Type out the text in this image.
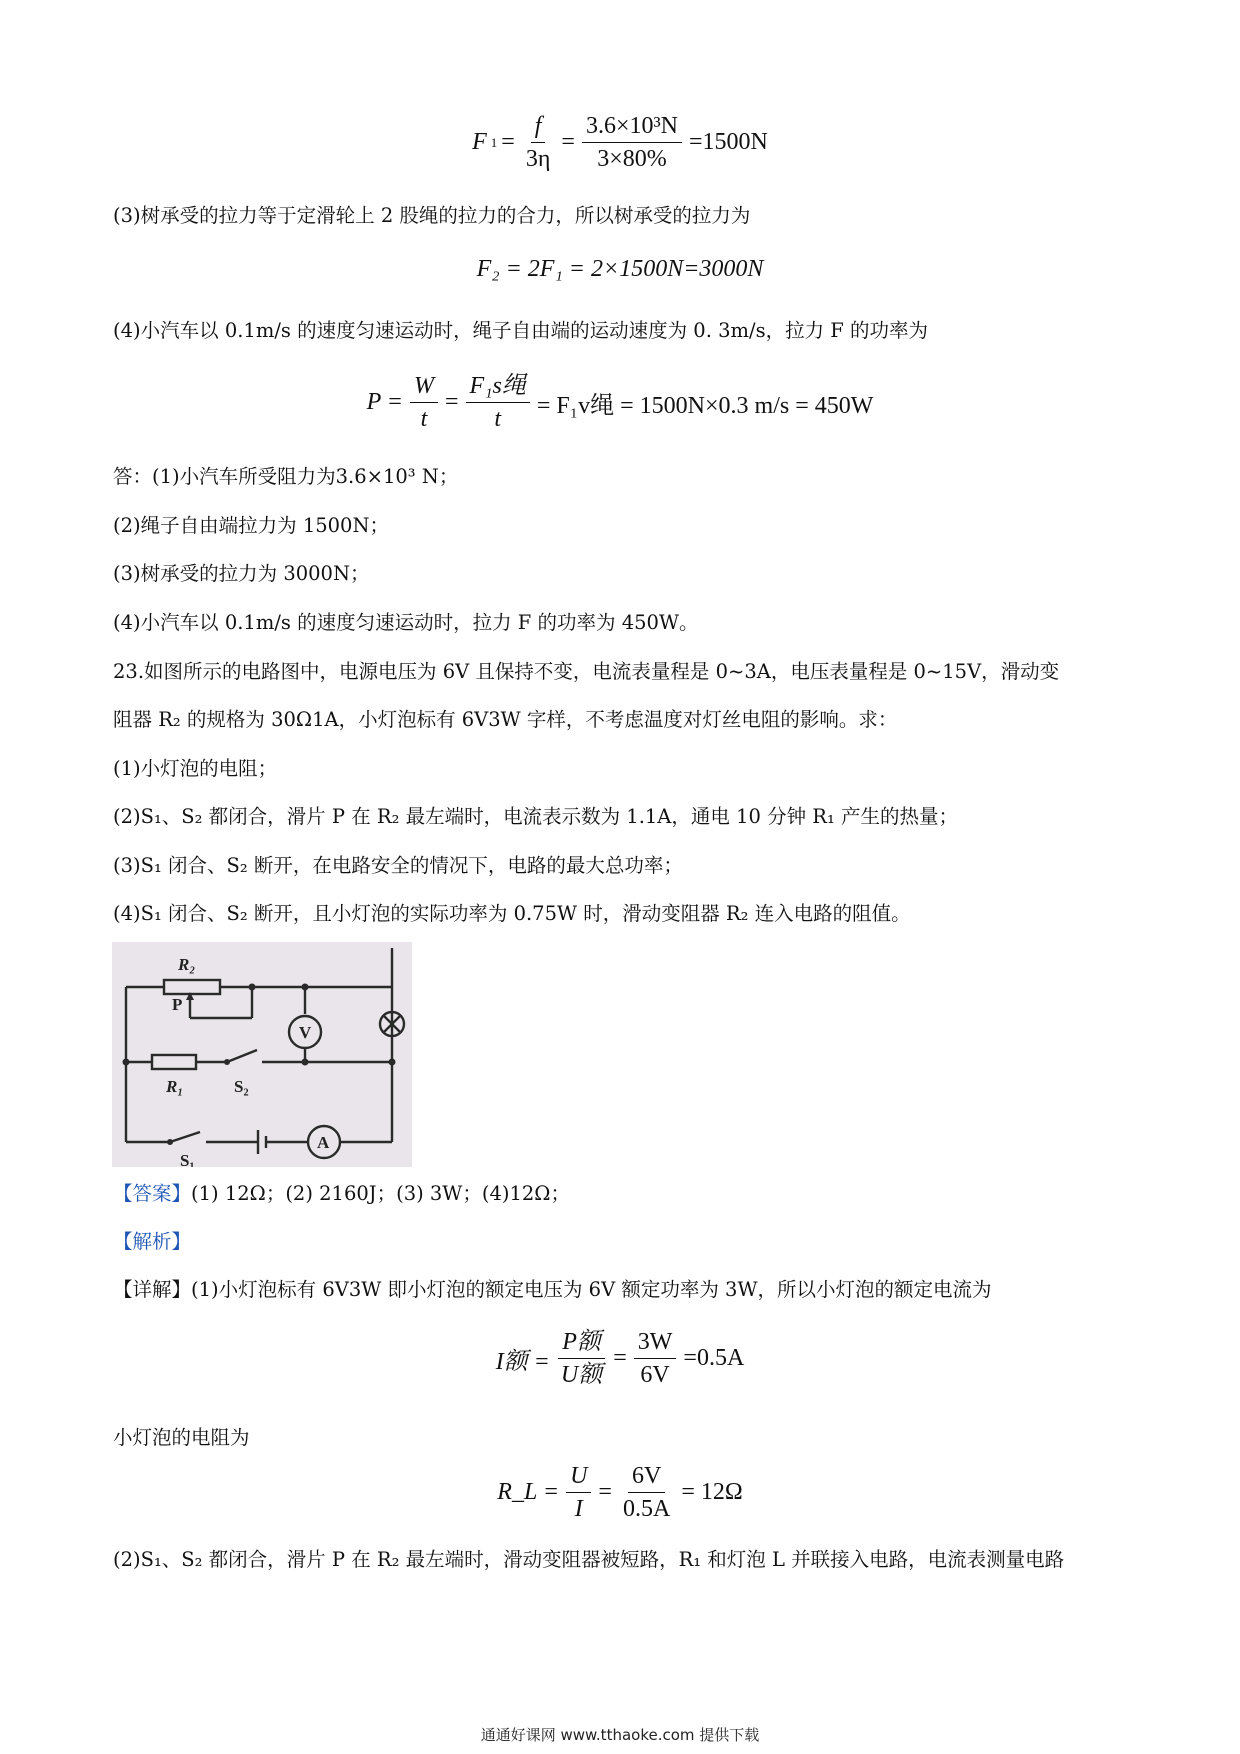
F $1 = \frac{f}{3\eta} = \frac{\text{3.6×10³N}}{3\times 80\%} =1500N$
(3)树承受的拉力等于定滑轮上 2 股绳的拉力的合力，所以树承受的拉力为
F₂ = 2F₁ = 2×1500N=3000N
(4)小汽车以 0.1m/s 的速度匀速运动时，绳子自由端的运动速度为 0. 3m/s，拉力 F 的功率为
$P = \frac{W}{t} = \frac{\text{F₁s绳}}{t} = F_1v$绳 = 1500N×0.3 m/s = 450W
答：(1)小汽车所受阻力为3.6×10³ N；
(2)绳子自由端拉力为 1500N；
(3)树承受的拉力为 3000N；
(4)小汽车以 0.1m/s 的速度匀速运动时，拉力 F 的功率为 450W。
23.如图所示的电路图中，电源电压为 6V 且保持不变，电流表量程是 0~3A，电压表量程是 0~15V，滑动变
阻器 R₂ 的规格为 30Ω1A，小灯泡标有 6V3W 字样，不考虑温度对灯丝电阻的影响。求：
(1)小灯泡的电阻；
(2)S₁、S₂ 都闭合，滑片 P 在 R₂ 最左端时，电流表示数为 1.1A，通电 10 分钟 R₁ 产生的热量；
(3)S₁ 闭合、S₂ 断开，在电路安全的情况下，电路的最大总功率；
(4)S₁ 闭合、S₂ 断开，且小灯泡的实际功率为 0.75W 时，滑动变阻器 R₂ 连入电路的阻值。
R₂
P
V
R₁	S₂
S₁
A
【答案】(1) 12Ω；(2) 2160J；(3) 3W；(4)12Ω；
【解析】
【详解】(1)小灯泡标有 6V3W 即小灯泡的额定电压为 6V 额定功率为 3W，所以小灯泡的额定电流为
I额 = $\frac{\text{P额}}{\text{U额}} = \frac{3W}{6V} =0.5A$
小灯泡的电阻为
R_L = $\frac{U}{I} = \frac{6V}{0.5A} = 12\Omega$
(2)S₁、S₂ 都闭合，滑片 P 在 R₂ 最左端时，滑动变阻器被短路，R₁ 和灯泡 L 并联接入电路，电流表测量电路
通通好课网 www.tthaoke.com 提供下载
